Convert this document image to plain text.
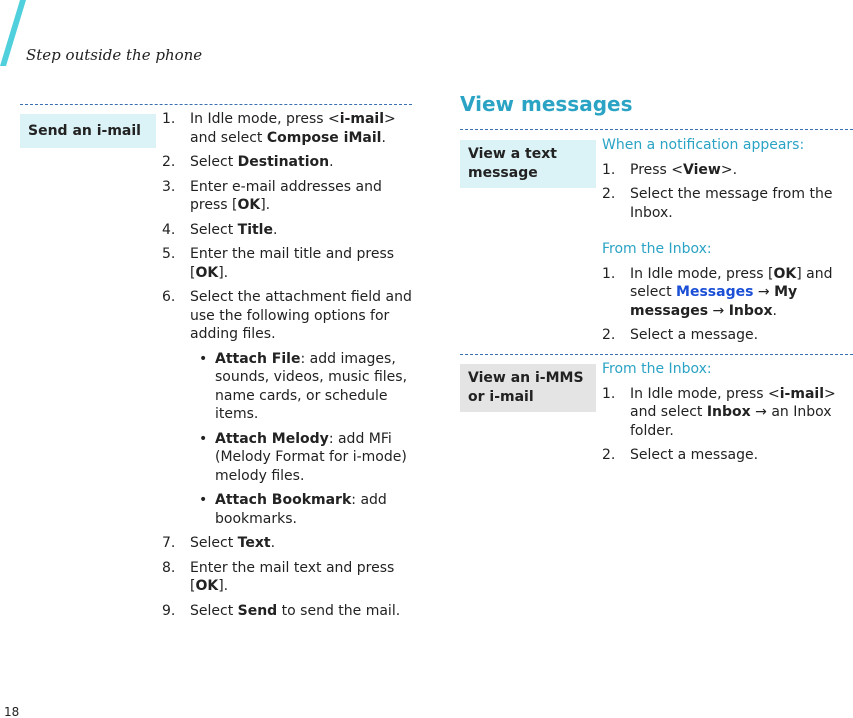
Step outside the phone
Send an i-mail
1. In Idle mode, press <i-mail> and select Compose iMail.
2. Select Destination.
3. Enter e-mail addresses and press [OK].
4. Select Title.
5. Enter the mail title and press [OK].
6. Select the attachment field and use the following options for adding files.
• Attach File: add images, sounds, videos, music files, name cards, or schedule items.
• Attach Melody: add MFi (Melody Format for i-mode) melody files.
• Attach Bookmark: add bookmarks.
7. Select Text.
8. Enter the mail text and press [OK].
9. Select Send to send the mail.
View messages
View a text message
When a notification appears:
1. Press <View>.
2. Select the message from the Inbox.
From the Inbox:
1. In Idle mode, press [OK] and select Messages → My messages → Inbox.
2. Select a message.
View an i-MMS or i-mail
From the Inbox:
1. In Idle mode, press <i-mail> and select Inbox → an Inbox folder.
2. Select a message.
18
